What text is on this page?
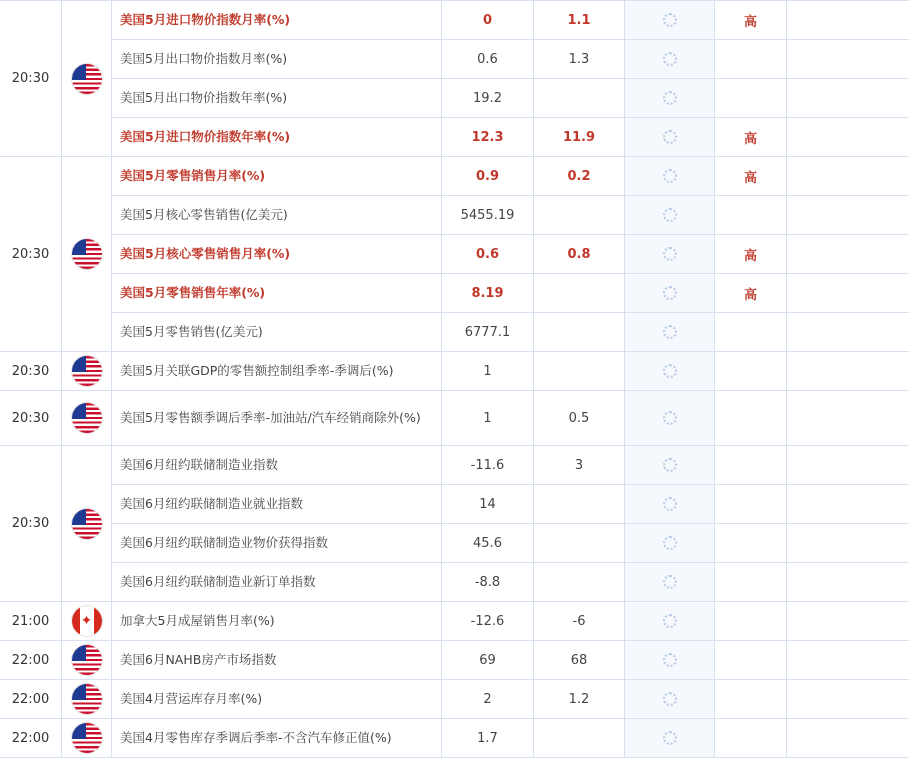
20:30		美国5月进口物价指数月率(%)	0	1.1		高	
		美国5月出口物价指数月率(%)	0.6	1.3			
		美国5月出口物价指数年率(%)	19.2				
		美国5月进口物价指数年率(%)	12.3	11.9		高	
20:30		美国5月零售销售月率(%)	0.9	0.2		高	
		美国5月核心零售销售(亿美元)	5455.19				
		美国5月核心零售销售月率(%)	0.6	0.8		高	
		美国5月零售销售年率(%)	8.19			高	
		美国5月零售销售(亿美元)	6777.1				
20:30		美国5月关联GDP的零售额控制组季率-季调后(%)	1				
20:30		美国5月零售额季调后季率-加油站/汽车经销商除外(%)	1	0.5			
20:30		美国6月纽约联储制造业指数	-11.6	3			
		美国6月纽约联储制造业就业指数	14				
		美国6月纽约联储制造业物价获得指数	45.6				
		美国6月纽约联储制造业新订单指数	-8.8				
21:00	✦	加拿大5月成屋销售月率(%)	-12.6	-6			
22:00		美国6月NAHB房产市场指数	69	68			
22:00		美国4月营运库存月率(%)	2	1.2			
22:00		美国4月零售库存季调后季率-不含汽车修正值(%)	1.7				
